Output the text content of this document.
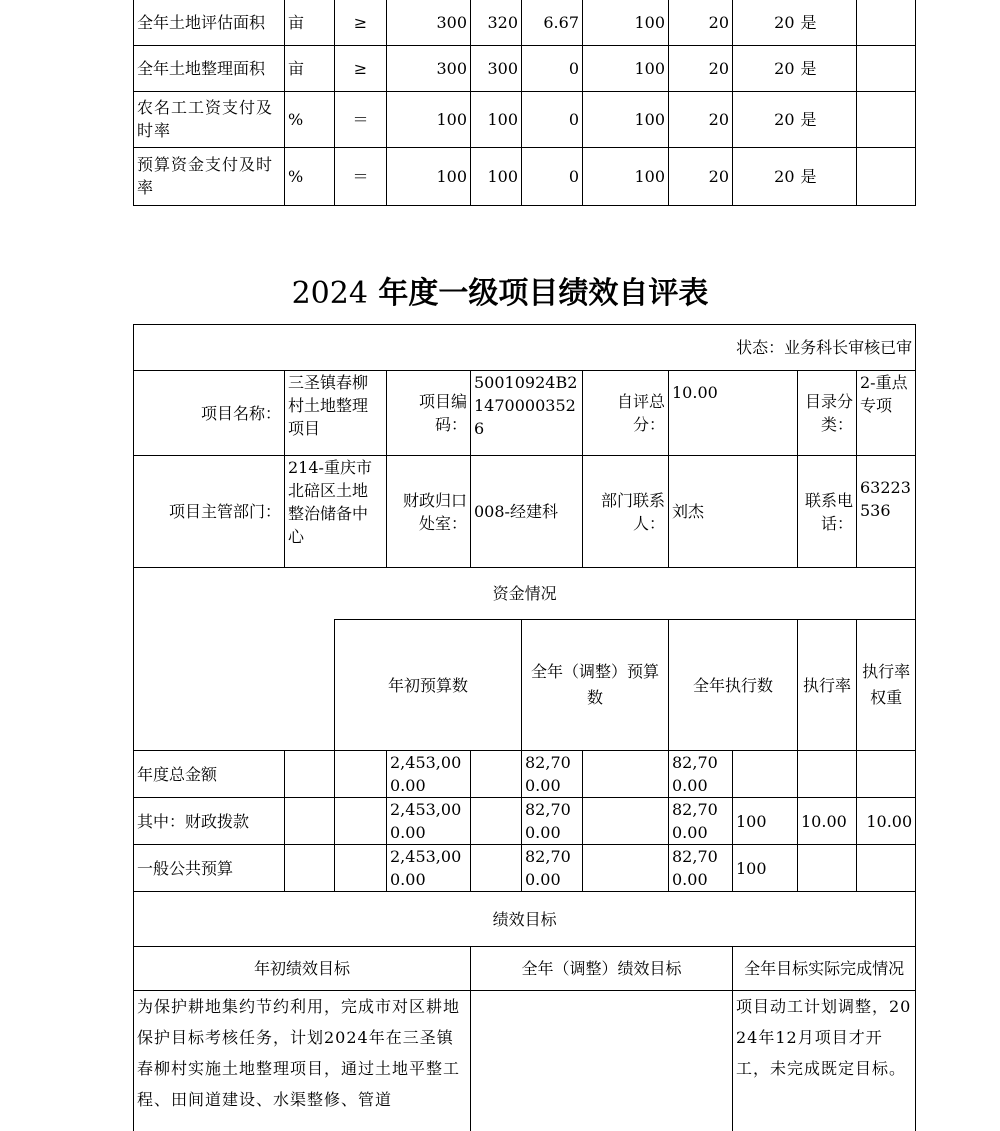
全年土地评估面积	亩	≥	300	320	6.67	100	20	20	是	
全年土地整理面积	亩	≥	300	300	0	100	20	20	是	
农名工工资支付及时率	%	＝	100	100	0	100	20	20	是	
预算资金支付及时率	%	＝	100	100	0	100	20	20	是	
2024 年度一级项目绩效自评表
状态：业务科长审核已审											
项目名称：	三圣镇春柳村土地整理项目		项目编码：	50010924B214700003526		自评总分：	10.00		目录分类：	2-重点专项	
项目主管部门：	214-重庆市北碚区土地整治储备中心		财政归口处室：	008-经建科		部门联系人：	刘杰		联系电话：	63223536	
资金情况											
		年初预算数			全年（调整）预算数		全年执行数		执行率	执行率权重	
年度总金额			2,453,000.00		82,700.00		82,700.00				
其中：财政拨款			2,453,000.00		82,700.00		82,700.00	100	10.00	10.00	
一般公共预算			2,453,000.00		82,700.00		82,700.00	100			
绩效目标											
年初绩效目标				全年（调整）绩效目标				全年目标实际完成情况			
为保护耕地集约节约利用，完成市对区耕地保护目标考核任务，计划2024年在三圣镇春柳村实施土地整理项目，通过土地平整工程、田间道建设、水渠整修、管道								项目动工计划调整，2024年12月项目才开工，未完成既定目标。			
